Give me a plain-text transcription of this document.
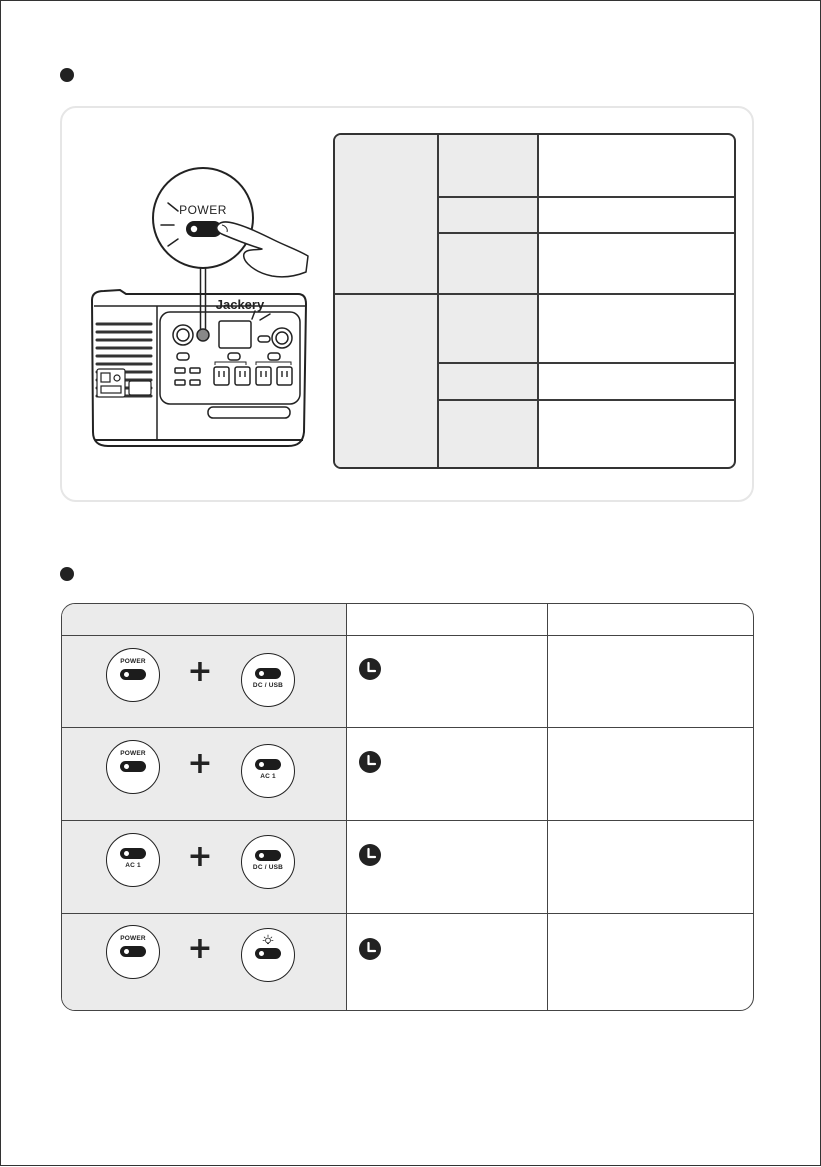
Jackery
POWER
POWER	+	DC / USB
POWER	+	AC 1
AC 1	+	DC / USB
POWER	+
